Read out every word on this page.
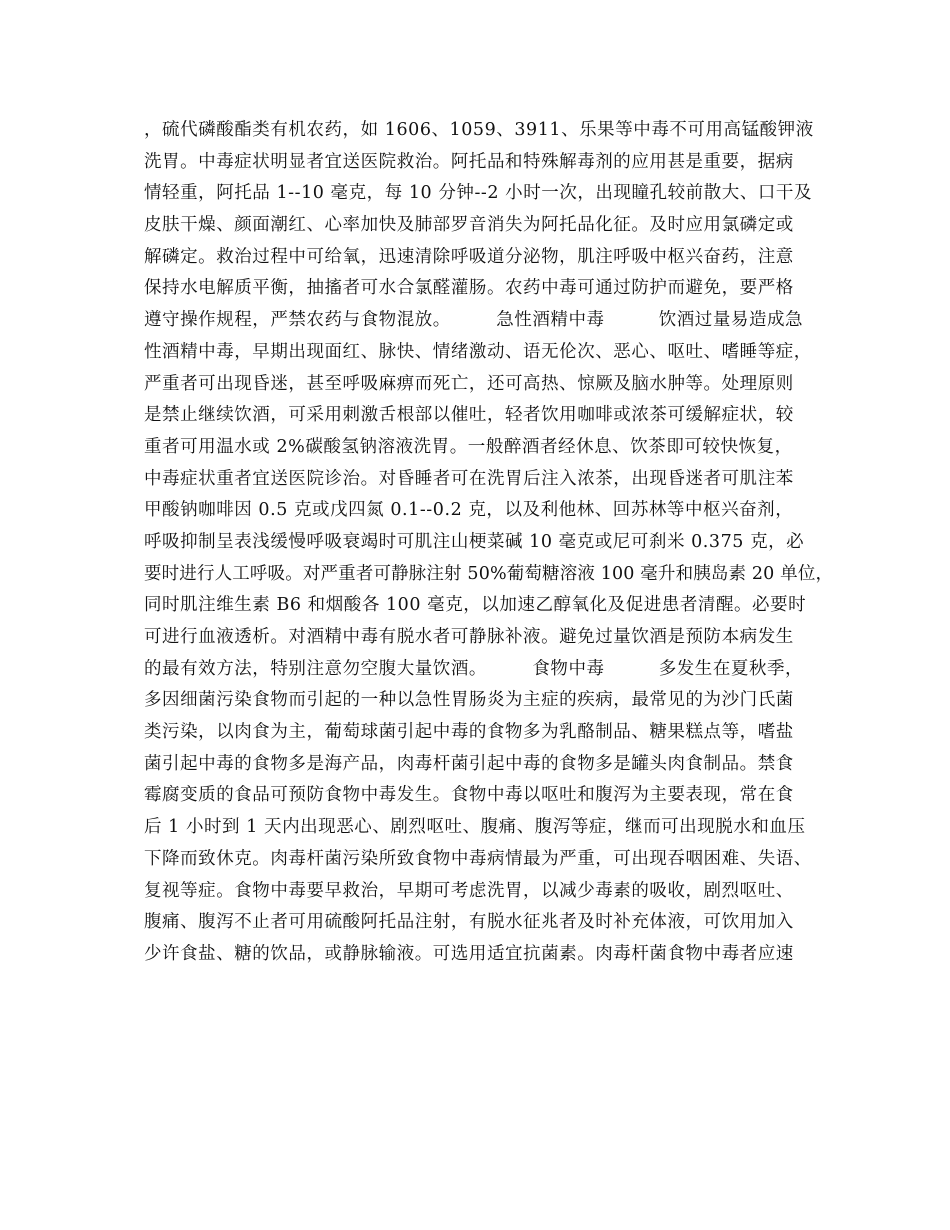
，硫代磷酸酯类有机农药，如 1606、1059、3911、乐果等中毒不可用高锰酸钾液
洗胃。中毒症状明显者宜送医院救治。阿托品和特殊解毒剂的应用甚是重要，据病
情轻重，阿托品 1--10 毫克，每 10 分钟--2 小时一次，出现瞳孔较前散大、口干及
皮肤干燥、颜面潮红、心率加快及肺部罗音消失为阿托品化征。及时应用氯磷定或
解磷定。救治过程中可给氧，迅速清除呼吸道分泌物，肌注呼吸中枢兴奋药，注意
保持水电解质平衡，抽搐者可水合氯醛灌肠。农药中毒可通过防护而避免，要严格
遵守操作规程，严禁农药与食物混放。　　　急性酒精中毒　　　饮酒过量易造成急
性酒精中毒，早期出现面红、脉快、情绪激动、语无伦次、恶心、呕吐、嗜睡等症，
严重者可出现昏迷，甚至呼吸麻痹而死亡，还可高热、惊厥及脑水肿等。处理原则
是禁止继续饮酒，可采用刺激舌根部以催吐，轻者饮用咖啡或浓茶可缓解症状，较
重者可用温水或 2%碳酸氢钠溶液洗胃。一般醉酒者经休息、饮茶即可较快恢复，
中毒症状重者宜送医院诊治。对昏睡者可在洗胃后注入浓茶，出现昏迷者可肌注苯
甲酸钠咖啡因 0.5 克或戊四氮 0.1--0.2 克，以及利他林、回苏林等中枢兴奋剂，
呼吸抑制呈表浅缓慢呼吸衰竭时可肌注山梗菜碱 10 毫克或尼可刹米 0.375 克，必
要时进行人工呼吸。对严重者可静脉注射 50%葡萄糖溶液 100 毫升和胰岛素 20 单位，
同时肌注维生素 B6 和烟酸各 100 毫克，以加速乙醇氧化及促进患者清醒。必要时
可进行血液透析。对酒精中毒有脱水者可静脉补液。避免过量饮酒是预防本病发生
的最有效方法，特别注意勿空腹大量饮酒。　　　食物中毒　　　多发生在夏秋季，
多因细菌污染食物而引起的一种以急性胃肠炎为主症的疾病，最常见的为沙门氏菌
类污染，以肉食为主，葡萄球菌引起中毒的食物多为乳酪制品、糖果糕点等，嗜盐
菌引起中毒的食物多是海产品，肉毒杆菌引起中毒的食物多是罐头肉食制品。禁食
霉腐变质的食品可预防食物中毒发生。食物中毒以呕吐和腹泻为主要表现，常在食
后 1 小时到 1 天内出现恶心、剧烈呕吐、腹痛、腹泻等症，继而可出现脱水和血压
下降而致休克。肉毒杆菌污染所致食物中毒病情最为严重，可出现吞咽困难、失语、
复视等症。食物中毒要早救治，早期可考虑洗胃，以减少毒素的吸收，剧烈呕吐、
腹痛、腹泻不止者可用硫酸阿托品注射，有脱水征兆者及时补充体液，可饮用加入
少许食盐、糖的饮品，或静脉输液。可选用适宜抗菌素。肉毒杆菌食物中毒者应速
